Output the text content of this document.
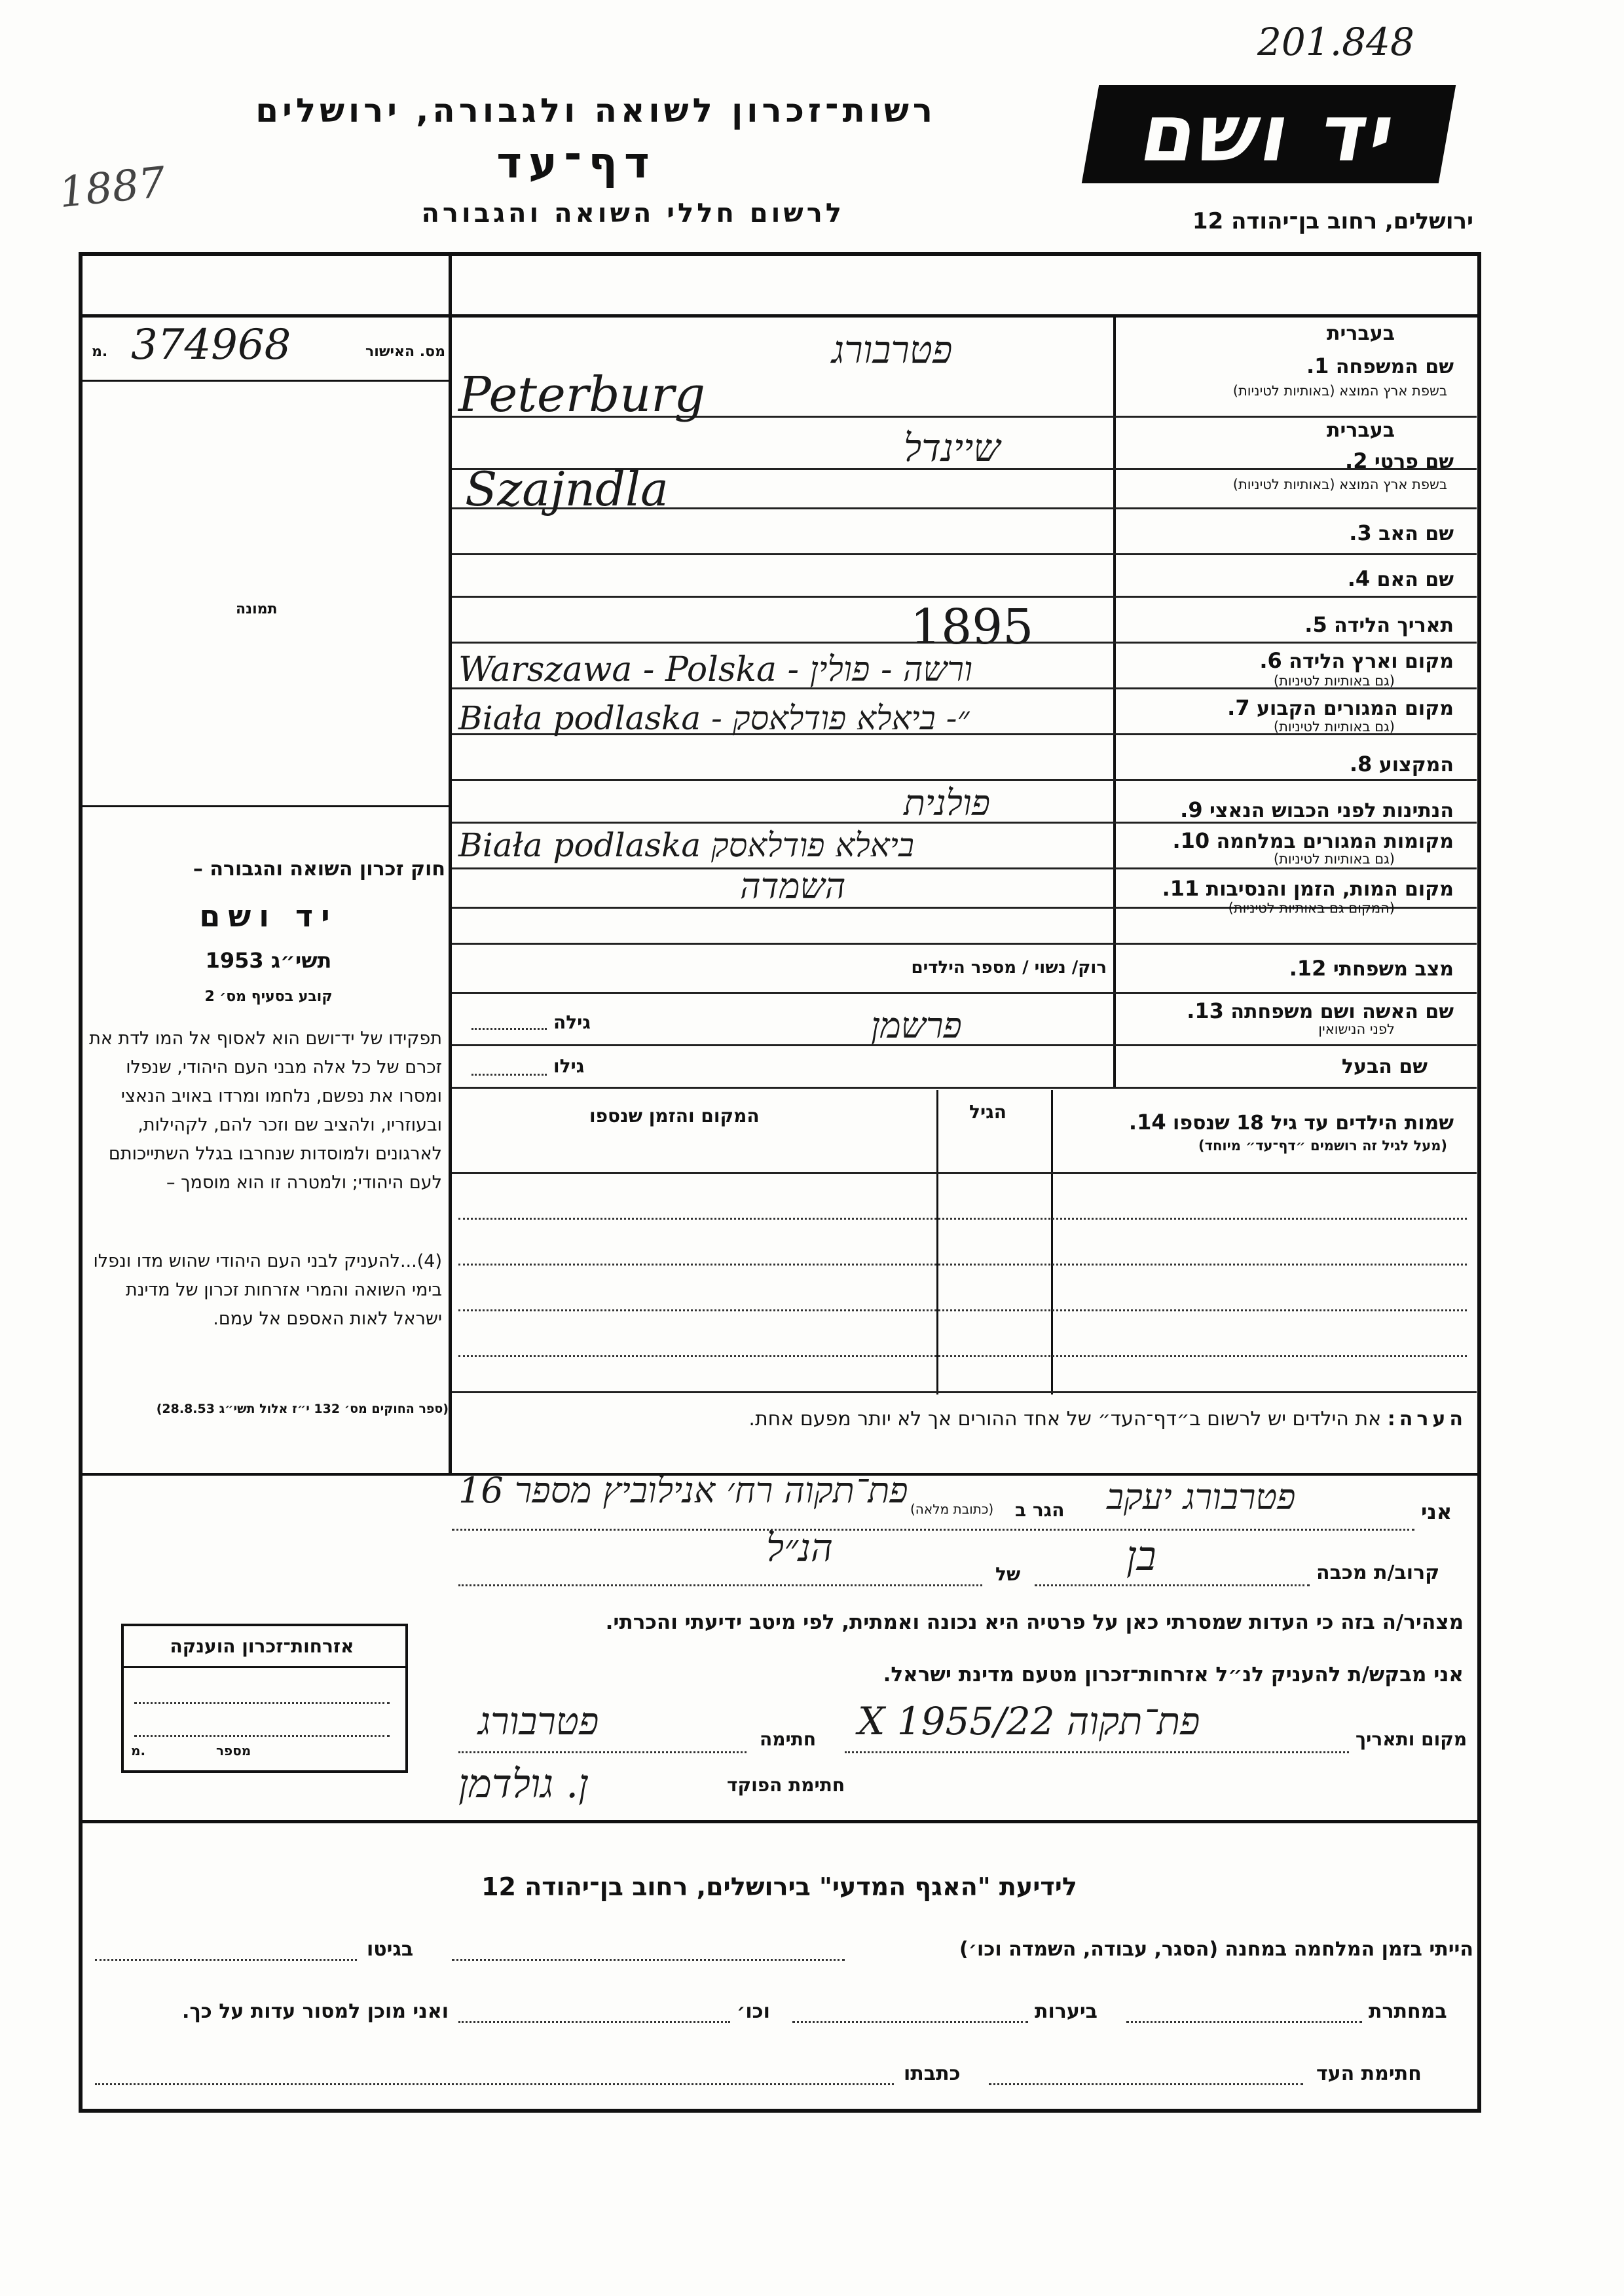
201.848
1887
יד ושם
רשות־זכרון לשואה ולגבורה, ירושלים
דף־עד
לרשום חללי השואה והגבורה	ירושלים, רחוב בן־יהודה 12
מס. האישור
374968
מ.
תמונה
חוק זכרון השואה והגבורה –
יד ושם
תשי״ג 1953
קובע בסעיף מס׳ 2
תפקידו של יד־ושם הוא לאסוף אל המו לדת את זכרם של כל אלה מבני העם היהודי, שנפלו ומסרו את נפשם, נלחמו ומרדו באויב הנאצי ובעוזריו, ולהציב שם וזכר להם, לקהילות, לארגונים ולמוסדות שנחרבו בגלל השתייכותם לעם היהודי; ולמטרה זו הוא מוסמך –
(4)...להעניק לבני העם היהודי שהוש מדו ונפלו בימי השואה והמרי אזרחות זכרון של מדינת ישראל לאות האספם אל עמם.
(ספר החוקים מס׳ 132 י״ז אלול תשי״ג 28.8.53)
בעברית
שם המשפחה 1.
בשפת ארץ המוצא (באותיות לטיניות)
פטרבורג
Peterburg
בעברית
שם פרטי 2.
בשפת ארץ המוצא (באותיות לטיניות)
שיינדל
Szajndla
שם האב 3.
שם האם 4.
תאריך הלידה 5.
1895
מקום וארץ הלידה 6.
(גם באותיות לטיניות)
Warszawa - Polska - ורשה - פולין
מקום המגורים הקבוע 7.
(גם באותיות לטיניות)
Biała podlaska - ״- ביאלא פודלאסק
המקצוע 8.
הנתינות לפני הכבוש הנאצי 9.
פולנית
מקומות המגורים במלחמה 10.
(גם באותיות לטיניות)
Biała podlaska ביאלא פודלאסק
מקום המות, הזמן והנסיבות 11.
(המקום גם באותיות לטיניות)
השמדה
מצב משפחתי 12.
רוק/ נשוי / מספר הילדים
שם האשה ושם משפחתה 13.
לפני הנישואין
פרשמן
גילה
שם הבעל
גילו
שמות הילדים עד גיל 18 שנספו 14.
(מעל לגיל זה רושמים ״דף־עד״ מיוחד)
הגיל
המקום והזמן שנספו
הערה: את הילדים יש לרשום ב״דף־העד״ של אחד ההורים אך לא יותר מפעם אחת.
אני
פטרבורג יעקב
הגר ב
(כתובת מלאה)
פת־תקוה רח׳ אנילוביץ מספר 16
קרוב/ת מכבה
בן
של
הנ״ל
מצהיר/ה בזה כי העדות שמסרתי כאן על פרטיה היא נכונה ואמתית, לפי מיטב ידיעתי והכרתי.
אני מבקש/ת להעניק לנ״ל אזרחות־זכרון מטעם מדינת ישראל.
מקום ותאריך
פת־תקוה 22/X 1955
חתימה
פטרבורג
חתימת הפוקד
ן. גולדמן
אזרחות־זכרון הוענקה
מספר
מ.
לידיעת "האגף המדעי" בירושלים, רחוב בן־יהודה 12
הייתי בזמן המלחמה במחנה (הסגר, עבודה, השמדה וכו׳)
בגיטו
במחתרת
ביערות
וכו׳
ואני מוכן למסור עדות על כך.
חתימת העד
כתבתו
